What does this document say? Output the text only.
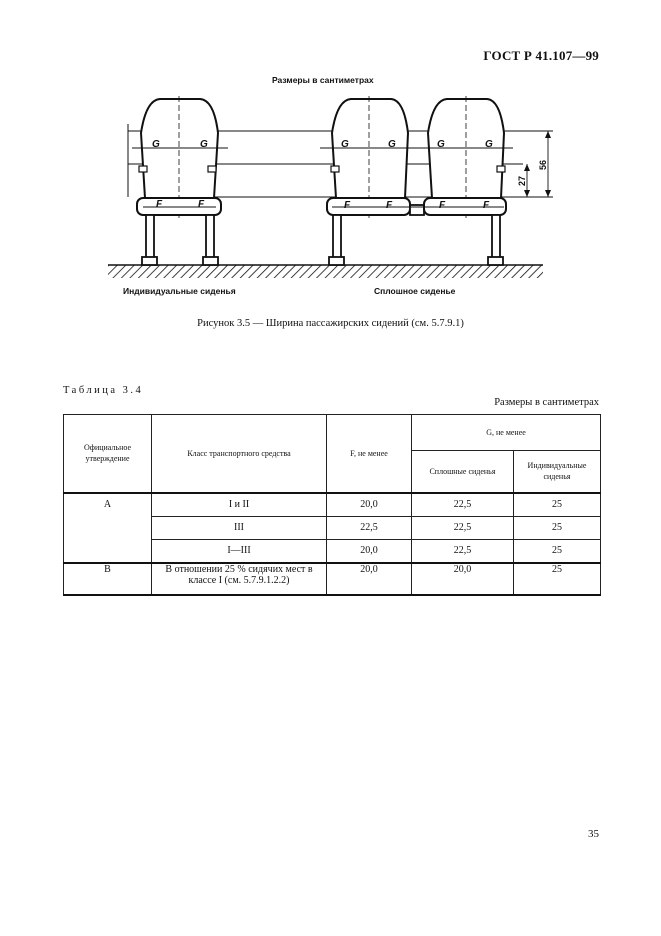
ГОСТ Р 41.107—99
G	G	G	G	G	G
F	F	F	F	F	F
27
56
Размеры в сантиметрах
Индивидуальные сиденья	Сплошное сиденье
Рисунок 3.5 — Ширина пассажирских сидений (см. 5.7.9.1)
Таблица 3.4
Размеры в сантиметрах
Официальное утверждение	Класс транспортного средства	F, не менее	G, не менее	
			Сплошные сиденья	Индивидуальные сиденья
A	I и II	20,0	22,5	25
	III	22,5	22,5	25
	I—III	20,0	22,5	25
B	В отношении 25 % сидячих мест в классе I (см. 5.7.9.1.2.2)	20,0	20,0	25
35
